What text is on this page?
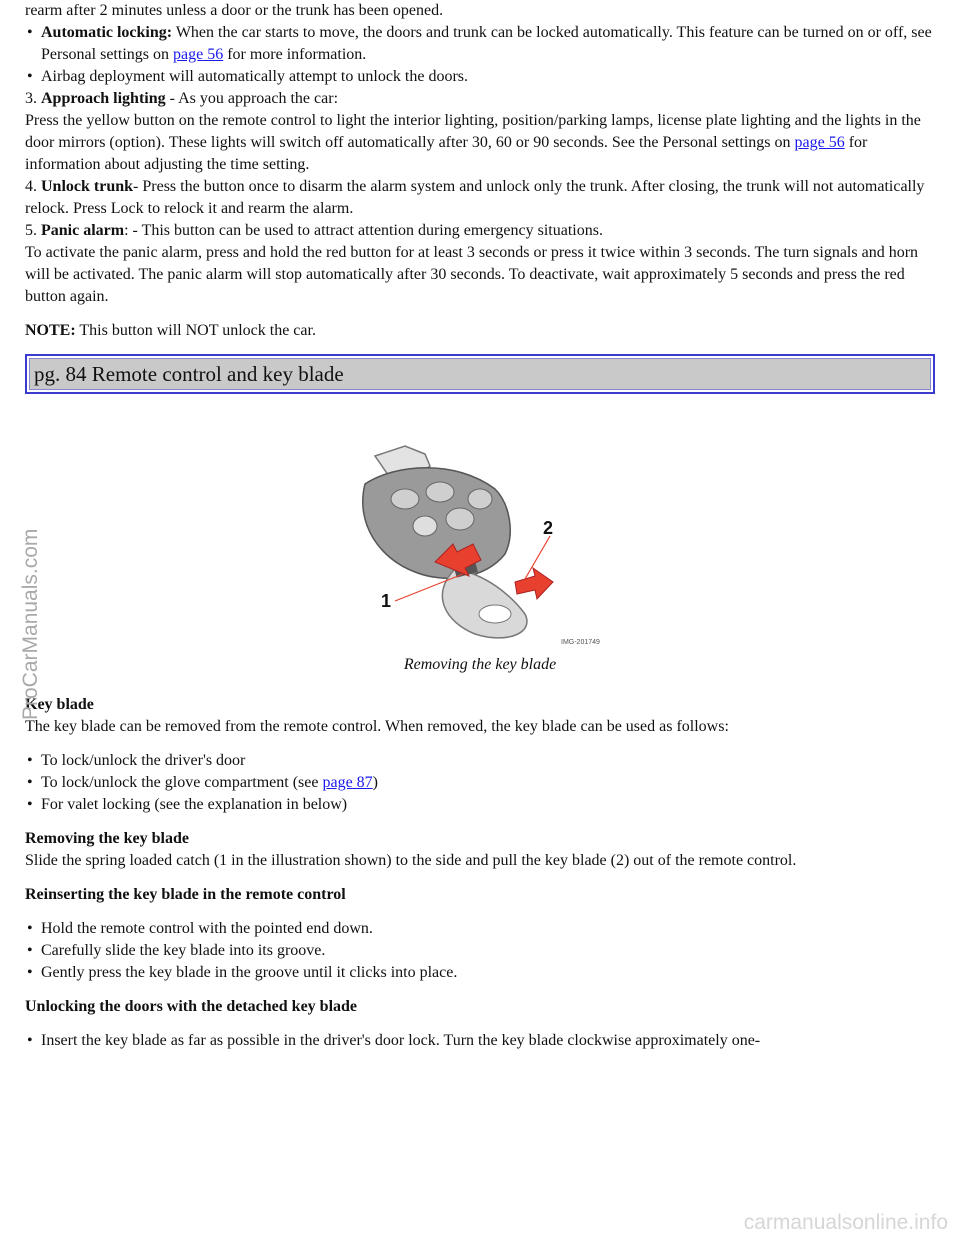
rearm after 2 minutes unless a door or the trunk has been opened.

• Automatic locking: When the car starts to move, the doors and trunk can be locked automatically. This feature can be turned on or off, see Personal settings on page 56 for more information.
• Airbag deployment will automatically attempt to unlock the doors.

3. Approach lighting - As you approach the car:

Press the yellow button on the remote control to light the interior lighting, position/parking lamps, license plate lighting and the lights in the door mirrors (option). These lights will switch off automatically after 30, 60 or 90 seconds. See the Personal settings on page 56 for information about adjusting the time setting.

4. Unlock trunk- Press the button once to disarm the alarm system and unlock only the trunk. After closing, the trunk will not automatically relock. Press Lock to relock it and rearm the alarm.

5. Panic alarm: - This button can be used to attract attention during emergency situations.

To activate the panic alarm, press and hold the red button for at least 3 seconds or press it twice within 3 seconds. The turn signals and horn will be activated. The panic alarm will stop automatically after 30 seconds. To deactivate, wait approximately 5 seconds and press the red button again.

NOTE: This button will NOT unlock the car.

pg. 84 Remote control and key blade
1
2
IMG-201749

Removing the key blade

Key blade

The key blade can be removed from the remote control. When removed, the key blade can be used as follows:

• To lock/unlock the driver's door
• To lock/unlock the glove compartment (see page 87)
• For valet locking (see the explanation in below)

Removing the key blade

Slide the spring loaded catch (1 in the illustration shown) to the side and pull the key blade (2) out of the remote control.

Reinserting the key blade in the remote control

• Hold the remote control with the pointed end down.
• Carefully slide the key blade into its groove.
• Gently press the key blade in the groove until it clicks into place.

Unlocking the doors with the detached key blade

• Insert the key blade as far as possible in the driver's door lock. Turn the key blade clockwise approximately one-
ProCarManuals.com
carmanualsonline.info
